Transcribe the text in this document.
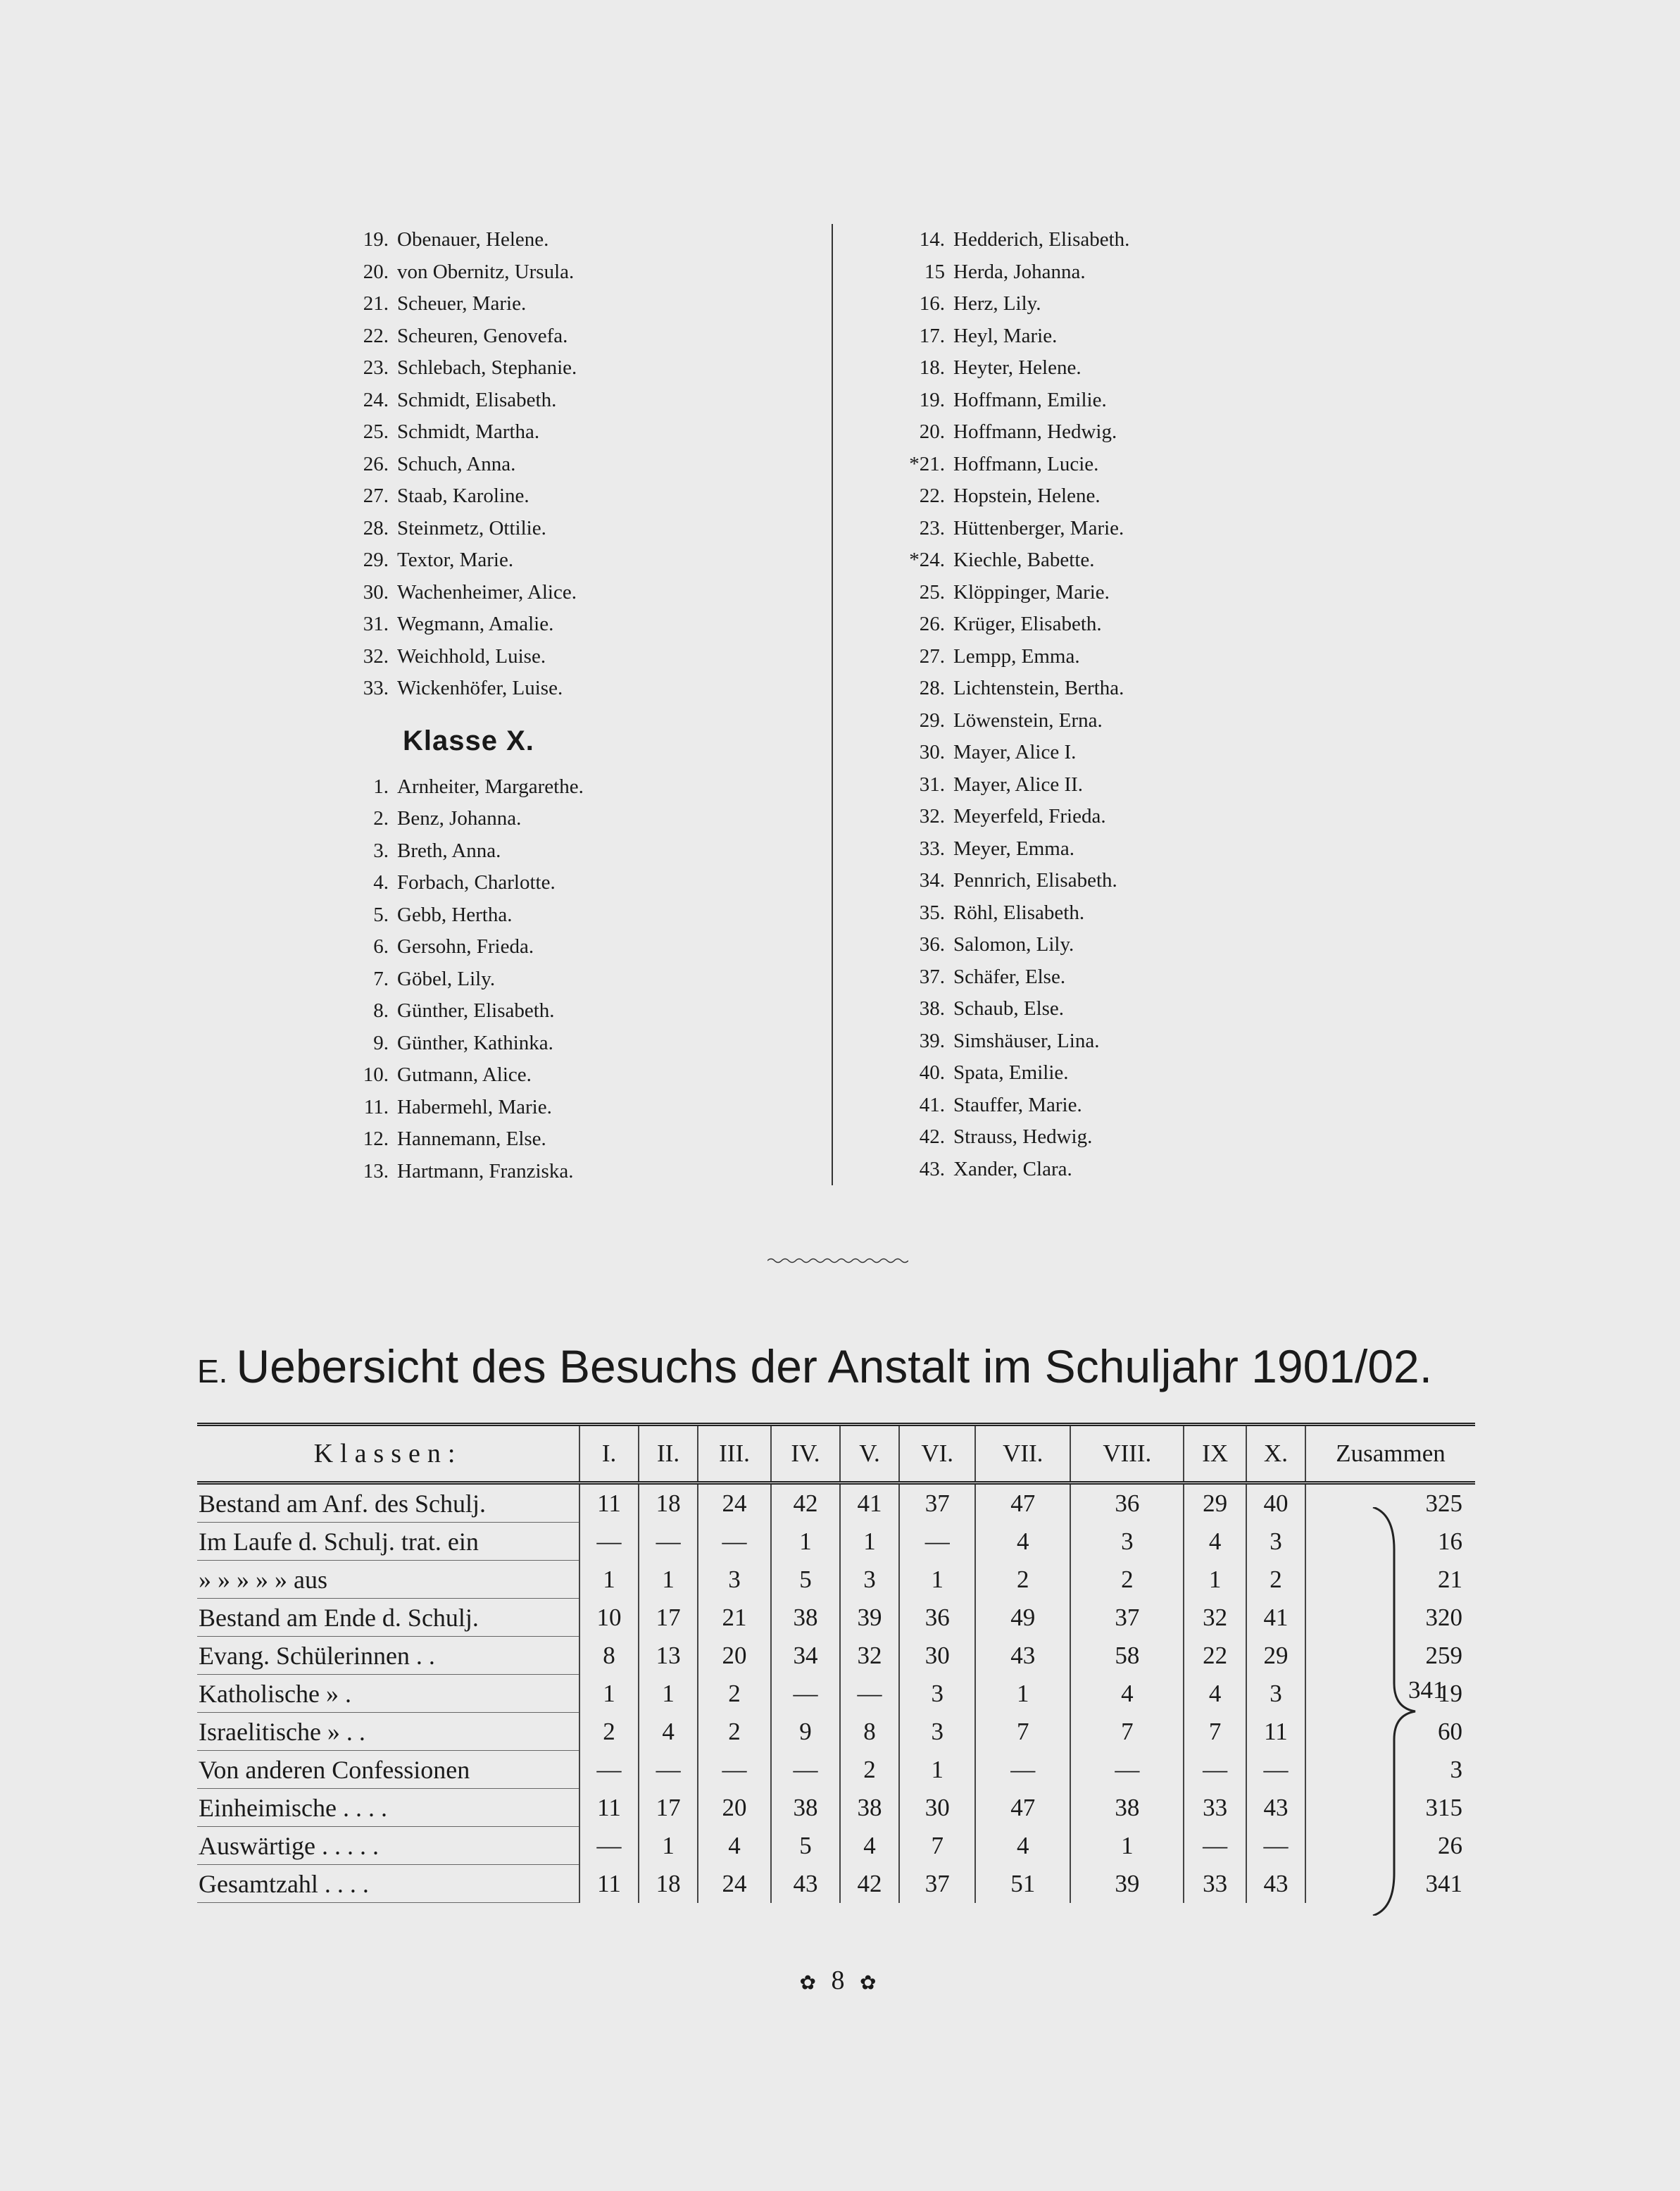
19. Obenauer, Helene.
20. von Obernitz, Ursula.
21. Scheuer, Marie.
22. Scheuren, Genovefa.
23. Schlebach, Stephanie.
24. Schmidt, Elisabeth.
25. Schmidt, Martha.
26. Schuch, Anna.
27. Staab, Karoline.
28. Steinmetz, Ottilie.
29. Textor, Marie.
30. Wachenheimer, Alice.
31. Wegmann, Amalie.
32. Weichhold, Luise.
33. Wickenhöfer, Luise.
Klasse X.
1. Arnheiter, Margarethe.
2. Benz, Johanna.
3. Breth, Anna.
4. Forbach, Charlotte.
5. Gebb, Hertha.
6. Gersohn, Frieda.
7. Göbel, Lily.
8. Günther, Elisabeth.
9. Günther, Kathinka.
10. Gutmann, Alice.
11. Habermehl, Marie.
12. Hannemann, Else.
13. Hartmann, Franziska.
14. Hedderich, Elisabeth.
15 Herda, Johanna.
16. Herz, Lily.
17. Heyl, Marie.
18. Heyter, Helene.
19. Hoffmann, Emilie.
20. Hoffmann, Hedwig.
*21. Hoffmann, Lucie.
22. Hopstein, Helene.
23. Hüttenberger, Marie.
*24. Kiechle, Babette.
25. Klöppinger, Marie.
26. Krüger, Elisabeth.
27. Lempp, Emma.
28. Lichtenstein, Bertha.
29. Löwenstein, Erna.
30. Mayer, Alice I.
31. Mayer, Alice II.
32. Meyerfeld, Frieda.
33. Meyer, Emma.
34. Pennrich, Elisabeth.
35. Röhl, Elisabeth.
36. Salomon, Lily.
37. Schäfer, Else.
38. Schaub, Else.
39. Simshäuser, Lina.
40. Spata, Emilie.
41. Stauffer, Marie.
42. Strauss, Hedwig.
43. Xander, Clara.
E. Uebersicht des Besuchs der Anstalt im Schuljahr 1901/02.
Klassen:	I.	II.	III.	IV.	V.	VI.	VII.	VIII.	IX	X.	Zusammen
Bestand am Anf. des Schulj.	11	18	24	42	41	37	47	36	29	40	325
Im Laufe d. Schulj. trat. ein	—	—	—	1	1	—	4	3	4	3	16
» » » » » aus	1	1	3	5	3	1	2	2	1	2	21
Bestand am Ende d. Schulj.	10	17	21	38	39	36	49	37	32	41	320
Evang. Schülerinnen . .	8	13	20	34	32	30	43	58	22	29	259
Katholische » .	1	1	2	—	—	3	1	4	4	3	19
Israelitische » . .	2	4	2	9	8	3	7	7	7	11	60
Von anderen Confessionen	—	—	—	—	2	1	—	—	—	—	3
Einheimische . . . .	11	17	20	38	38	30	47	38	33	43	315
Auswärtige . . . . .	—	1	4	5	4	7	4	1	—	—	26
Gesamtzahl . . . .	11	18	24	43	42	37	51	39	33	43	341
341
✿ 8 ✿
